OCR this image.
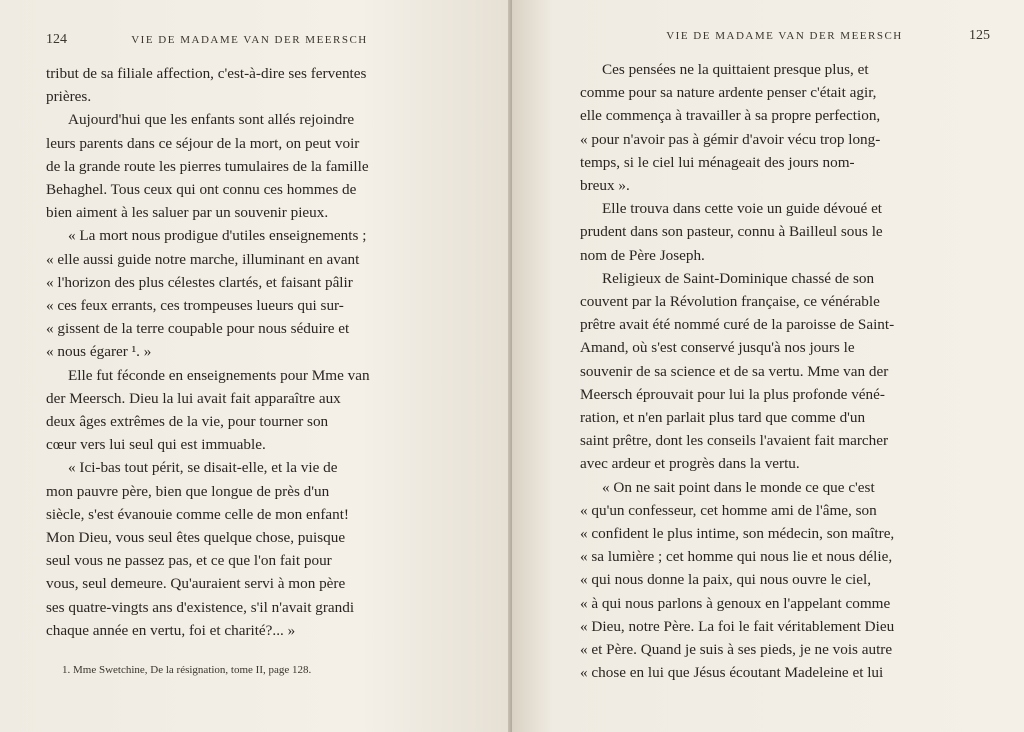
124	VIE DE MADAME VAN DER MEERSCH

tribut de sa filiale affection, c'est-à-dire ses ferventes

prières.

Aujourd'hui que les enfants sont allés rejoindre

leurs parents dans ce séjour de la mort, on peut voir

de la grande route les pierres tumulaires de la famille

Behaghel. Tous ceux qui ont connu ces hommes de

bien aiment à les saluer par un souvenir pieux.

« La mort nous prodigue d'utiles enseignements ;

« elle aussi guide notre marche, illuminant en avant

« l'horizon des plus célestes clartés, et faisant pâlir

« ces feux errants, ces trompeuses lueurs qui sur-

« gissent de la terre coupable pour nous séduire et

« nous égarer ¹. »

Elle fut féconde en enseignements pour Mme van

der Meersch. Dieu la lui avait fait apparaître aux

deux âges extrêmes de la vie, pour tourner son

cœur vers lui seul qui est immuable.

« Ici-bas tout périt, se disait-elle, et la vie de

mon pauvre père, bien que longue de près d'un

siècle, s'est évanouie comme celle de mon enfant!

Mon Dieu, vous seul êtes quelque chose, puisque

seul vous ne passez pas, et ce que l'on fait pour

vous, seul demeure. Qu'auraient servi à mon père

ses quatre-vingts ans d'existence, s'il n'avait grandi

chaque année en vertu, foi et charité?... »

1. Mme Swetchine, De la résignation, tome II, page 128.
VIE DE MADAME VAN DER MEERSCH	125

Ces pensées ne la quittaient presque plus, et

comme pour sa nature ardente penser c'était agir,

elle commença à travailler à sa propre perfection,

« pour n'avoir pas à gémir d'avoir vécu trop long-

temps, si le ciel lui ménageait des jours nom-

breux ».

Elle trouva dans cette voie un guide dévoué et

prudent dans son pasteur, connu à Bailleul sous le

nom de Père Joseph.

Religieux de Saint-Dominique chassé de son

couvent par la Révolution française, ce vénérable

prêtre avait été nommé curé de la paroisse de Saint-

Amand, où s'est conservé jusqu'à nos jours le

souvenir de sa science et de sa vertu. Mme van der

Meersch éprouvait pour lui la plus profonde véné-

ration, et n'en parlait plus tard que comme d'un

saint prêtre, dont les conseils l'avaient fait marcher

avec ardeur et progrès dans la vertu.

« On ne sait point dans le monde ce que c'est

« qu'un confesseur, cet homme ami de l'âme, son

« confident le plus intime, son médecin, son maître,

« sa lumière ; cet homme qui nous lie et nous délie,

« qui nous donne la paix, qui nous ouvre le ciel,

« à qui nous parlons à genoux en l'appelant comme

« Dieu, notre Père. La foi le fait véritablement Dieu

« et Père. Quand je suis à ses pieds, je ne vois autre

« chose en lui que Jésus écoutant Madeleine et lui
